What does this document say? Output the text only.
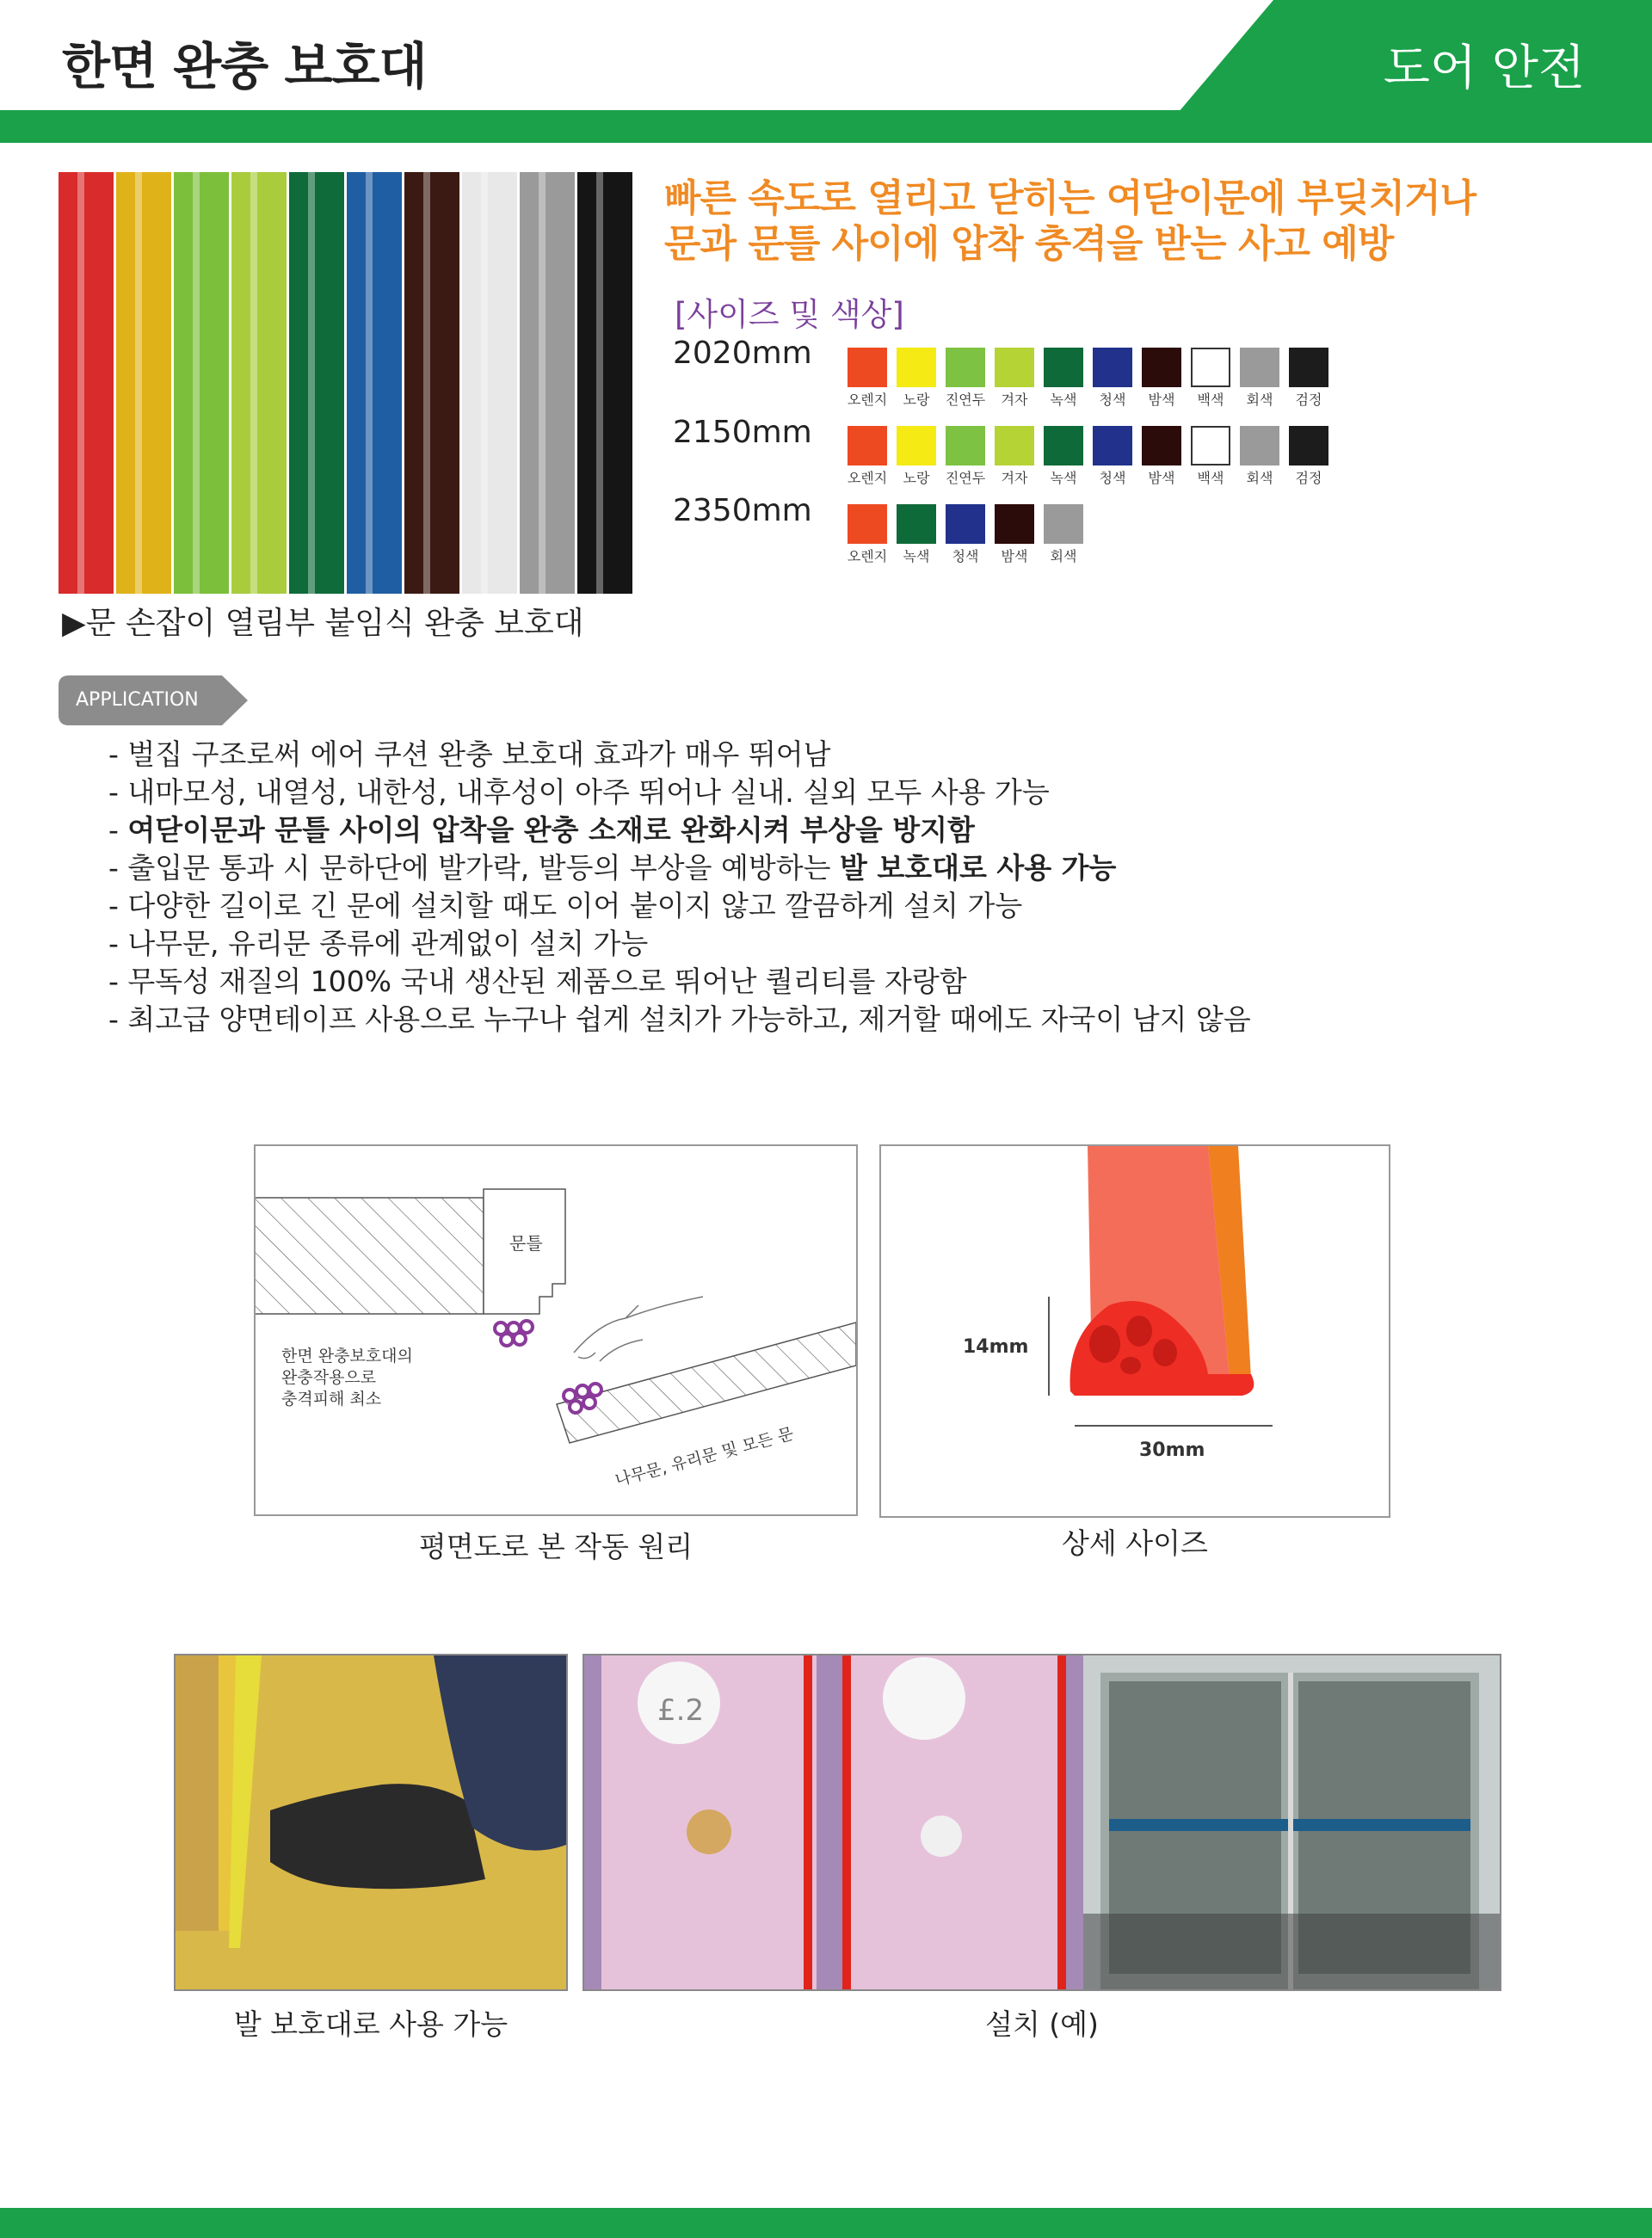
한면 완충 보호대	도어 안전
▶문 손잡이 열림부 붙임식 완충 보호대
빠른 속도로 열리고 닫히는 여닫이문에 부딪치거나
문과 문틀 사이에 압착 충격을 받는 사고 예방
[사이즈 및 색상]
2020mm
2150mm
2350mm
오렌지 노랑 진연두 겨자 녹색 청색 밤색 백색 회색 검정
오렌지 노랑 진연두 겨자 녹색 청색 밤색 백색 회색 검정
오렌지 녹색 청색 밤색 회색
APPLICATION
- 벌집 구조로써 에어 쿠션 완충 보호대 효과가 매우 뛰어남
- 내마모성, 내열성, 내한성, 내후성이 아주 뛰어나 실내. 실외 모두 사용 가능
- 여닫이문과 문틀 사이의 압착을 완충 소재로 완화시켜 부상을 방지함
- 출입문 통과 시 문하단에 발가락, 발등의 부상을 예방하는 발 보호대로 사용 가능
- 다양한 길이로 긴 문에 설치할 때도 이어 붙이지 않고 깔끔하게 설치 가능
- 나무문, 유리문 종류에 관계없이 설치 가능
- 무독성 재질의 100% 국내 생산된 제품으로 뛰어난 퀄리티를 자랑함
- 최고급 양면테이프 사용으로 누구나 쉽게 설치가 가능하고, 제거할 때에도 자국이 남지 않음
문틀
나무문, 유리문 및 모든 문
한면 완충보호대의
완충작용으로
충격피해 최소
평면도로 본 작동 원리
14mm
30mm
상세 사이즈
발 보호대로 사용 가능
£.2
설치 (예)
